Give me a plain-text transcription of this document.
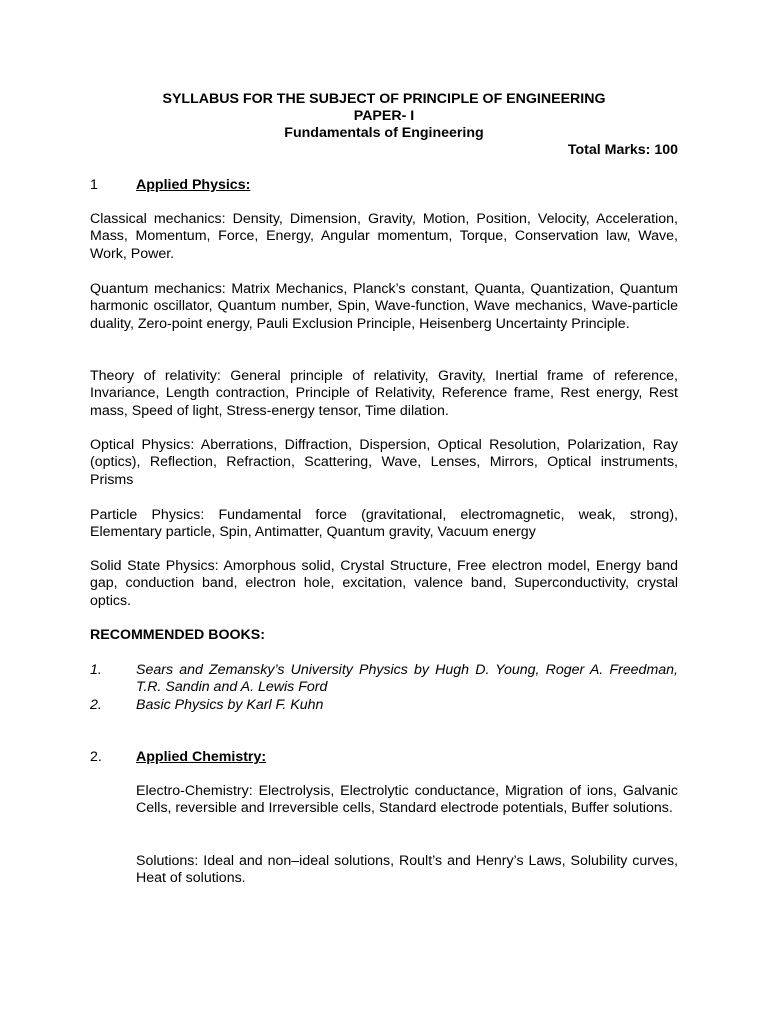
SYLLABUS FOR THE SUBJECT OF PRINCIPLE OF ENGINEERING
PAPER- I
Fundamentals of Engineering
Total Marks: 100
1	Applied Physics:
Classical mechanics: Density, Dimension, Gravity, Motion, Position, Velocity, Acceleration, Mass, Momentum, Force, Energy, Angular momentum, Torque, Conservation law, Wave, Work, Power.
Quantum mechanics: Matrix Mechanics, Planck’s constant, Quanta, Quantization, Quantum harmonic oscillator, Quantum number, Spin, Wave-function, Wave mechanics, Wave-particle duality, Zero-point energy, Pauli Exclusion Principle, Heisenberg Uncertainty Principle.
Theory of relativity: General principle of relativity, Gravity, Inertial frame of reference, Invariance, Length contraction, Principle of Relativity, Reference frame, Rest energy, Rest mass, Speed of light, Stress-energy tensor, Time dilation.
Optical Physics: Aberrations, Diffraction, Dispersion, Optical Resolution, Polarization, Ray (optics), Reflection, Refraction, Scattering, Wave, Lenses, Mirrors, Optical instruments, Prisms
Particle Physics: Fundamental force (gravitational, electromagnetic, weak, strong), Elementary particle, Spin, Antimatter, Quantum gravity, Vacuum energy
Solid State Physics: Amorphous solid, Crystal Structure, Free electron model, Energy band gap, conduction band, electron hole, excitation, valence band, Superconductivity, crystal optics.
RECOMMENDED BOOKS:
1. Sears and Zemansky’s University Physics by Hugh D. Young, Roger A. Freedman, T.R. Sandin and A. Lewis Ford
2. Basic Physics by Karl F. Kuhn
2. Applied Chemistry:
Electro-Chemistry: Electrolysis, Electrolytic conductance, Migration of ions, Galvanic Cells, reversible and Irreversible cells, Standard electrode potentials, Buffer solutions.
Solutions: Ideal and non–ideal solutions, Roult’s and Henry’s Laws, Solubility curves, Heat of solutions.
